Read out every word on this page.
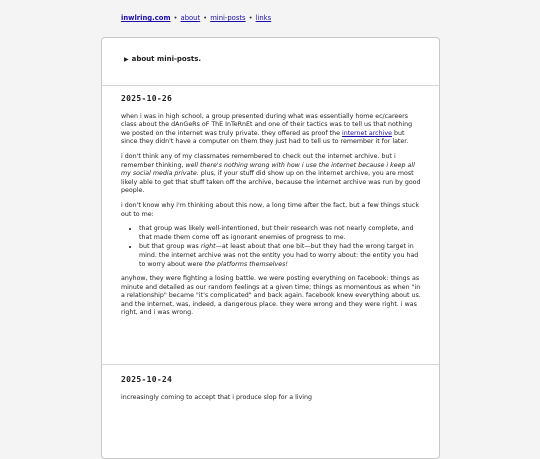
inwlring.com • about • mini-posts • links
▶ about mini-posts.
2025-10-26

when i was in high school, a group presented during what was essentially home ec/careers class about the dAnGeRs oF ThE InTeRnEt and one of their tactics was to tell us that nothing we posted on the internet was truly private. they offered as proof the internet archive but since they didn't have a computer on them they just had to tell us to remember it for later.

i don't think any of my classmates remembered to check out the internet archive. but i remember thinking, well there's nothing wrong with how i use the internet because i keep all my social media private. plus, if your stuff did show up on the internet archive, you are most likely able to get that stuff taken off the archive, because the internet archive was run by good people.

i don't know why i'm thinking about this now, a long time after the fact, but a few things stuck out to me:

• that group was likely well-intentioned, but their research was not nearly complete, and that made them come off as ignorant enemies of progress to me.
• but that group was right—at least about that one bit—but they had the wrong target in mind. the internet archive was not the entity you had to worry about: the entity you had to worry about were the platforms themselves!

anyhow, they were fighting a losing battle. we were posting everything on facebook: things as minute and detailed as our random feelings at a given time; things as momentous as when "in a relationship" became "it's complicated" and back again. facebook knew everything about us. and the internet, was, indeed, a dangerous place. they were wrong and they were right. i was right, and i was wrong.

2025-10-24

increasingly coming to accept that i produce slop for a living
